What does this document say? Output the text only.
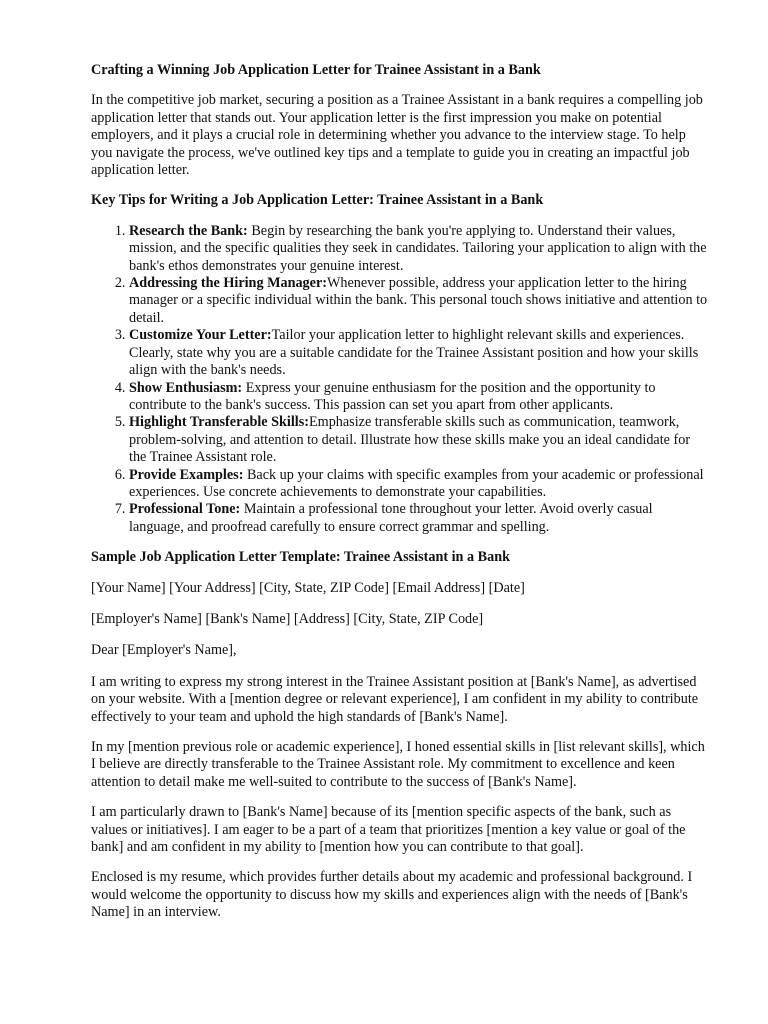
Crafting a Winning Job Application Letter for Trainee Assistant in a Bank

In the competitive job market, securing a position as a Trainee Assistant in a bank requires a compelling job application letter that stands out. Your application letter is the first impression you make on potential employers, and it plays a crucial role in determining whether you advance to the interview stage. To help you navigate the process, we've outlined key tips and a template to guide you in creating an impactful job application letter.

Key Tips for Writing a Job Application Letter: Trainee Assistant in a Bank
1. Research the Bank: Begin by researching the bank you're applying to. Understand their values, mission, and the specific qualities they seek in candidates. Tailoring your application to align with the bank's ethos demonstrates your genuine interest.
2. Addressing the Hiring Manager:Whenever possible, address your application letter to the hiring manager or a specific individual within the bank. This personal touch shows initiative and attention to detail.
3. Customize Your Letter:Tailor your application letter to highlight relevant skills and experiences. Clearly, state why you are a suitable candidate for the Trainee Assistant position and how your skills align with the bank's needs.
4. Show Enthusiasm: Express your genuine enthusiasm for the position and the opportunity to contribute to the bank's success. This passion can set you apart from other applicants.
5. Highlight Transferable Skills:Emphasize transferable skills such as communication, teamwork, problem-solving, and attention to detail. Illustrate how these skills make you an ideal candidate for the Trainee Assistant role.
6. Provide Examples: Back up your claims with specific examples from your academic or professional experiences. Use concrete achievements to demonstrate your capabilities.
7. Professional Tone: Maintain a professional tone throughout your letter. Avoid overly casual language, and proofread carefully to ensure correct grammar and spelling.
Sample Job Application Letter Template: Trainee Assistant in a Bank

[Your Name] [Your Address] [City, State, ZIP Code] [Email Address] [Date]

[Employer's Name] [Bank's Name] [Address] [City, State, ZIP Code]

Dear [Employer's Name],

I am writing to express my strong interest in the Trainee Assistant position at [Bank's Name], as advertised on your website. With a [mention degree or relevant experience], I am confident in my ability to contribute effectively to your team and uphold the high standards of [Bank's Name].

In my [mention previous role or academic experience], I honed essential skills in [list relevant skills], which I believe are directly transferable to the Trainee Assistant role. My commitment to excellence and keen attention to detail make me well-suited to contribute to the success of [Bank's Name].

I am particularly drawn to [Bank's Name] because of its [mention specific aspects of the bank, such as values or initiatives]. I am eager to be a part of a team that prioritizes [mention a key value or goal of the bank] and am confident in my ability to [mention how you can contribute to that goal].

Enclosed is my resume, which provides further details about my academic and professional background. I would welcome the opportunity to discuss how my skills and experiences align with the needs of [Bank's Name] in an interview.
